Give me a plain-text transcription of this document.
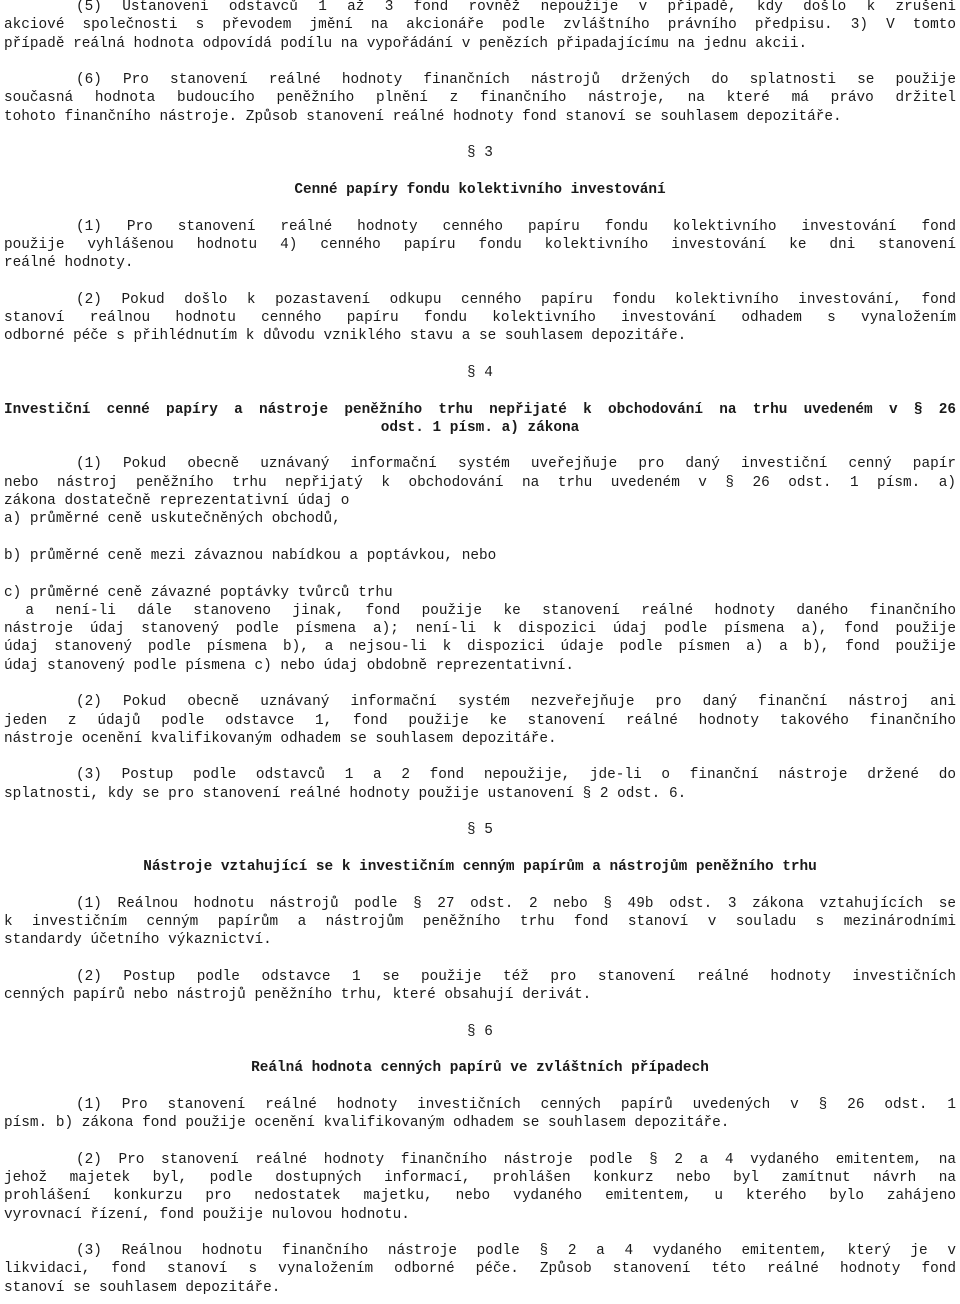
(5) Ustanovení odstavců 1 až 3 fond rovněž nepoužije v případě, kdy došlo k zrušení
akciové společnosti s převodem jmění na akcionáře podle zvláštního právního předpisu. 3) V tomto
případě reálná hodnota odpovídá podílu na vypořádání v penězích připadajícímu na jednu akcii.
(6) Pro stanovení reálné hodnoty finančních nástrojů držených do splatnosti se použije
současná hodnota budoucího peněžního plnění z finančního nástroje, na které má právo držitel
tohoto finančního nástroje. Způsob stanovení reálné hodnoty fond stanoví se souhlasem depozitáře.
§ 3
Cenné papíry fondu kolektivního investování
(1) Pro stanovení reálné hodnoty cenného papíru fondu kolektivního investování fond
použije vyhlášenou hodnotu 4) cenného papíru fondu kolektivního investování ke dni stanovení
reálné hodnoty.
(2) Pokud došlo k pozastavení odkupu cenného papíru fondu kolektivního investování, fond
stanoví reálnou hodnotu cenného papíru fondu kolektivního investování odhadem s vynaložením
odborné péče s přihlédnutím k důvodu vzniklého stavu a se souhlasem depozitáře.
§ 4
Investiční cenné papíry a nástroje peněžního trhu nepřijaté k obchodování na trhu uvedeném v § 26
odst. 1 písm. a) zákona
(1) Pokud obecně uznávaný informační systém uveřejňuje pro daný investiční cenný papír
nebo nástroj peněžního trhu nepřijatý k obchodování na trhu uvedeném v § 26 odst. 1 písm. a)
zákona dostatečně reprezentativní údaj o
a) průměrné ceně uskutečněných obchodů,
b) průměrné ceně mezi závaznou nabídkou a poptávkou, nebo
c) průměrné ceně závazné poptávky tvůrců trhu
a není-li dále stanoveno jinak, fond použije ke stanovení reálné hodnoty daného finančního
nástroje údaj stanovený podle písmena a); není-li k dispozici údaj podle písmena a), fond použije
údaj stanovený podle písmena b), a nejsou-li k dispozici údaje podle písmen a) a b), fond použije
údaj stanovený podle písmena c) nebo údaj obdobně reprezentativní.
(2) Pokud obecně uznávaný informační systém nezveřejňuje pro daný finanční nástroj ani
jeden z údajů podle odstavce 1, fond použije ke stanovení reálné hodnoty takového finančního
nástroje ocenění kvalifikovaným odhadem se souhlasem depozitáře.
(3) Postup podle odstavců 1 a 2 fond nepoužije, jde-li o finanční nástroje držené do
splatnosti, kdy se pro stanovení reálné hodnoty použije ustanovení § 2 odst. 6.
§ 5
Nástroje vztahující se k investičním cenným papírům a nástrojům peněžního trhu
(1) Reálnou hodnotu nástrojů podle § 27 odst. 2 nebo § 49b odst. 3 zákona vztahujících se
k investičním cenným papírům a nástrojům peněžního trhu fond stanoví v souladu s mezinárodními
standardy účetního výkaznictví.
(2) Postup podle odstavce 1 se použije též pro stanovení reálné hodnoty investičních
cenných papírů nebo nástrojů peněžního trhu, které obsahují derivát.
§ 6
Reálná hodnota cenných papírů ve zvláštních případech
(1) Pro stanovení reálné hodnoty investičních cenných papírů uvedených v § 26 odst. 1
písm. b) zákona fond použije ocenění kvalifikovaným odhadem se souhlasem depozitáře.
(2) Pro stanovení reálné hodnoty finančního nástroje podle § 2 a 4 vydaného emitentem, na
jehož majetek byl, podle dostupných informací, prohlášen konkurz nebo byl zamítnut návrh na
prohlášení konkurzu pro nedostatek majetku, nebo vydaného emitentem, u kterého bylo zahájeno
vyrovnací řízení, fond použije nulovou hodnotu.
(3) Reálnou hodnotu finančního nástroje podle § 2 a 4 vydaného emitentem, který je v
likvidaci, fond stanoví s vynaložením odborné péče. Způsob stanovení této reálné hodnoty fond
stanoví se souhlasem depozitáře.
